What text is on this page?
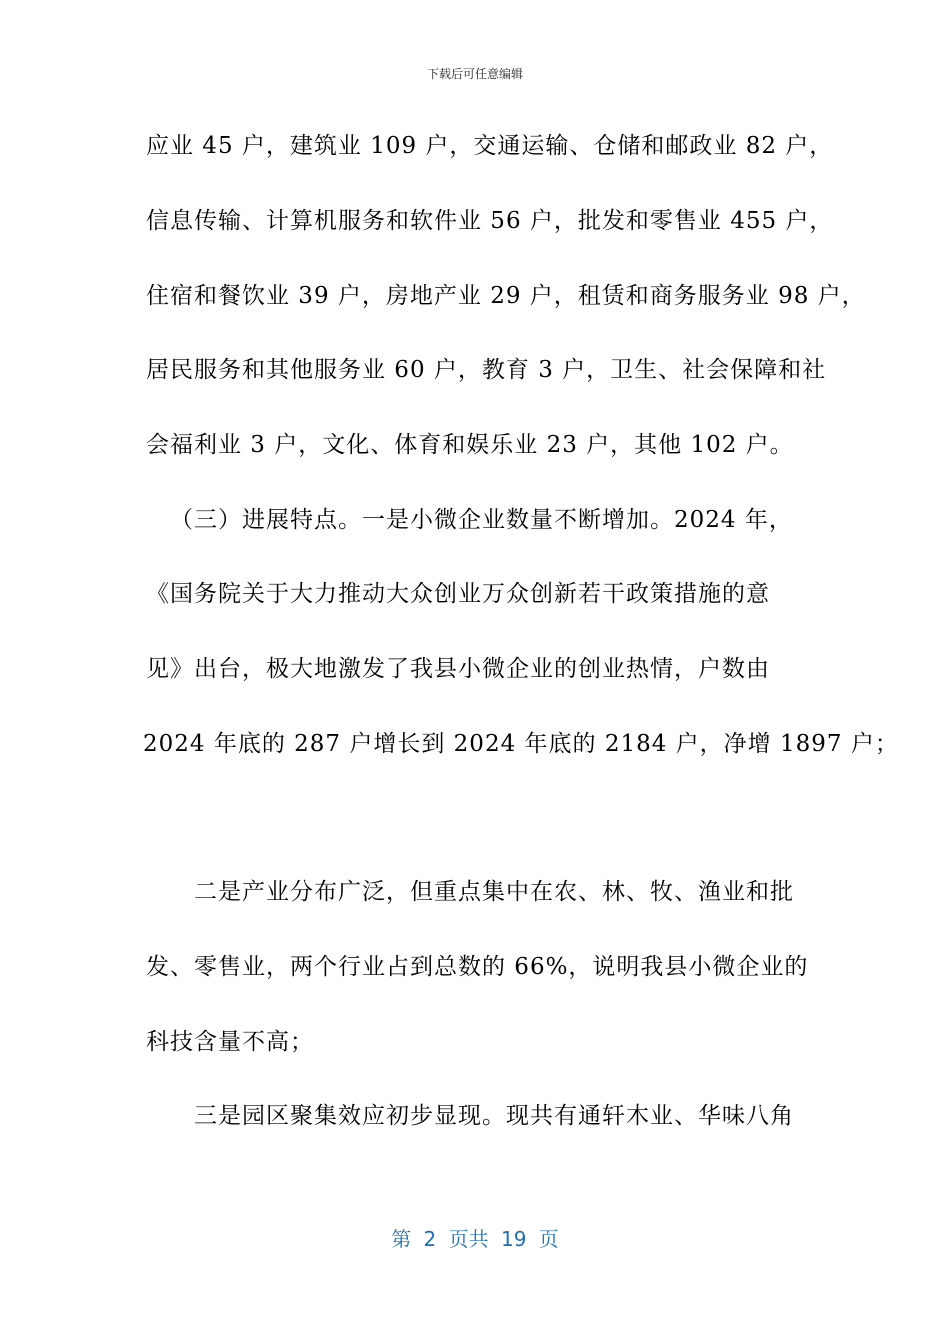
下载后可任意编辑
应业 45 户，建筑业 109 户，交通运输、仓储和邮政业 82 户，
信息传输、计算机服务和软件业 56 户，批发和零售业 455 户，
住宿和餐饮业 39 户，房地产业 29 户，租赁和商务服务业 98 户，
居民服务和其他服务业 60 户，教育 3 户，卫生、社会保障和社
会福利业 3 户，文化、体育和娱乐业 23 户，其他 102 户。
（三）进展特点。一是小微企业数量不断增加。2024 年，
《国务院关于大力推动大众创业万众创新若干政策措施的意
见》出台，极大地激发了我县小微企业的创业热情，户数由
2024 年底的 287 户增长到 2024 年底的 2184 户，净增 1897 户；
二是产业分布广泛，但重点集中在农、林、牧、渔业和批
发、零售业，两个行业占到总数的 66%，说明我县小微企业的
科技含量不高；
三是园区聚集效应初步显现。现共有通轩木业、华味八角
第 2 页共 19 页
